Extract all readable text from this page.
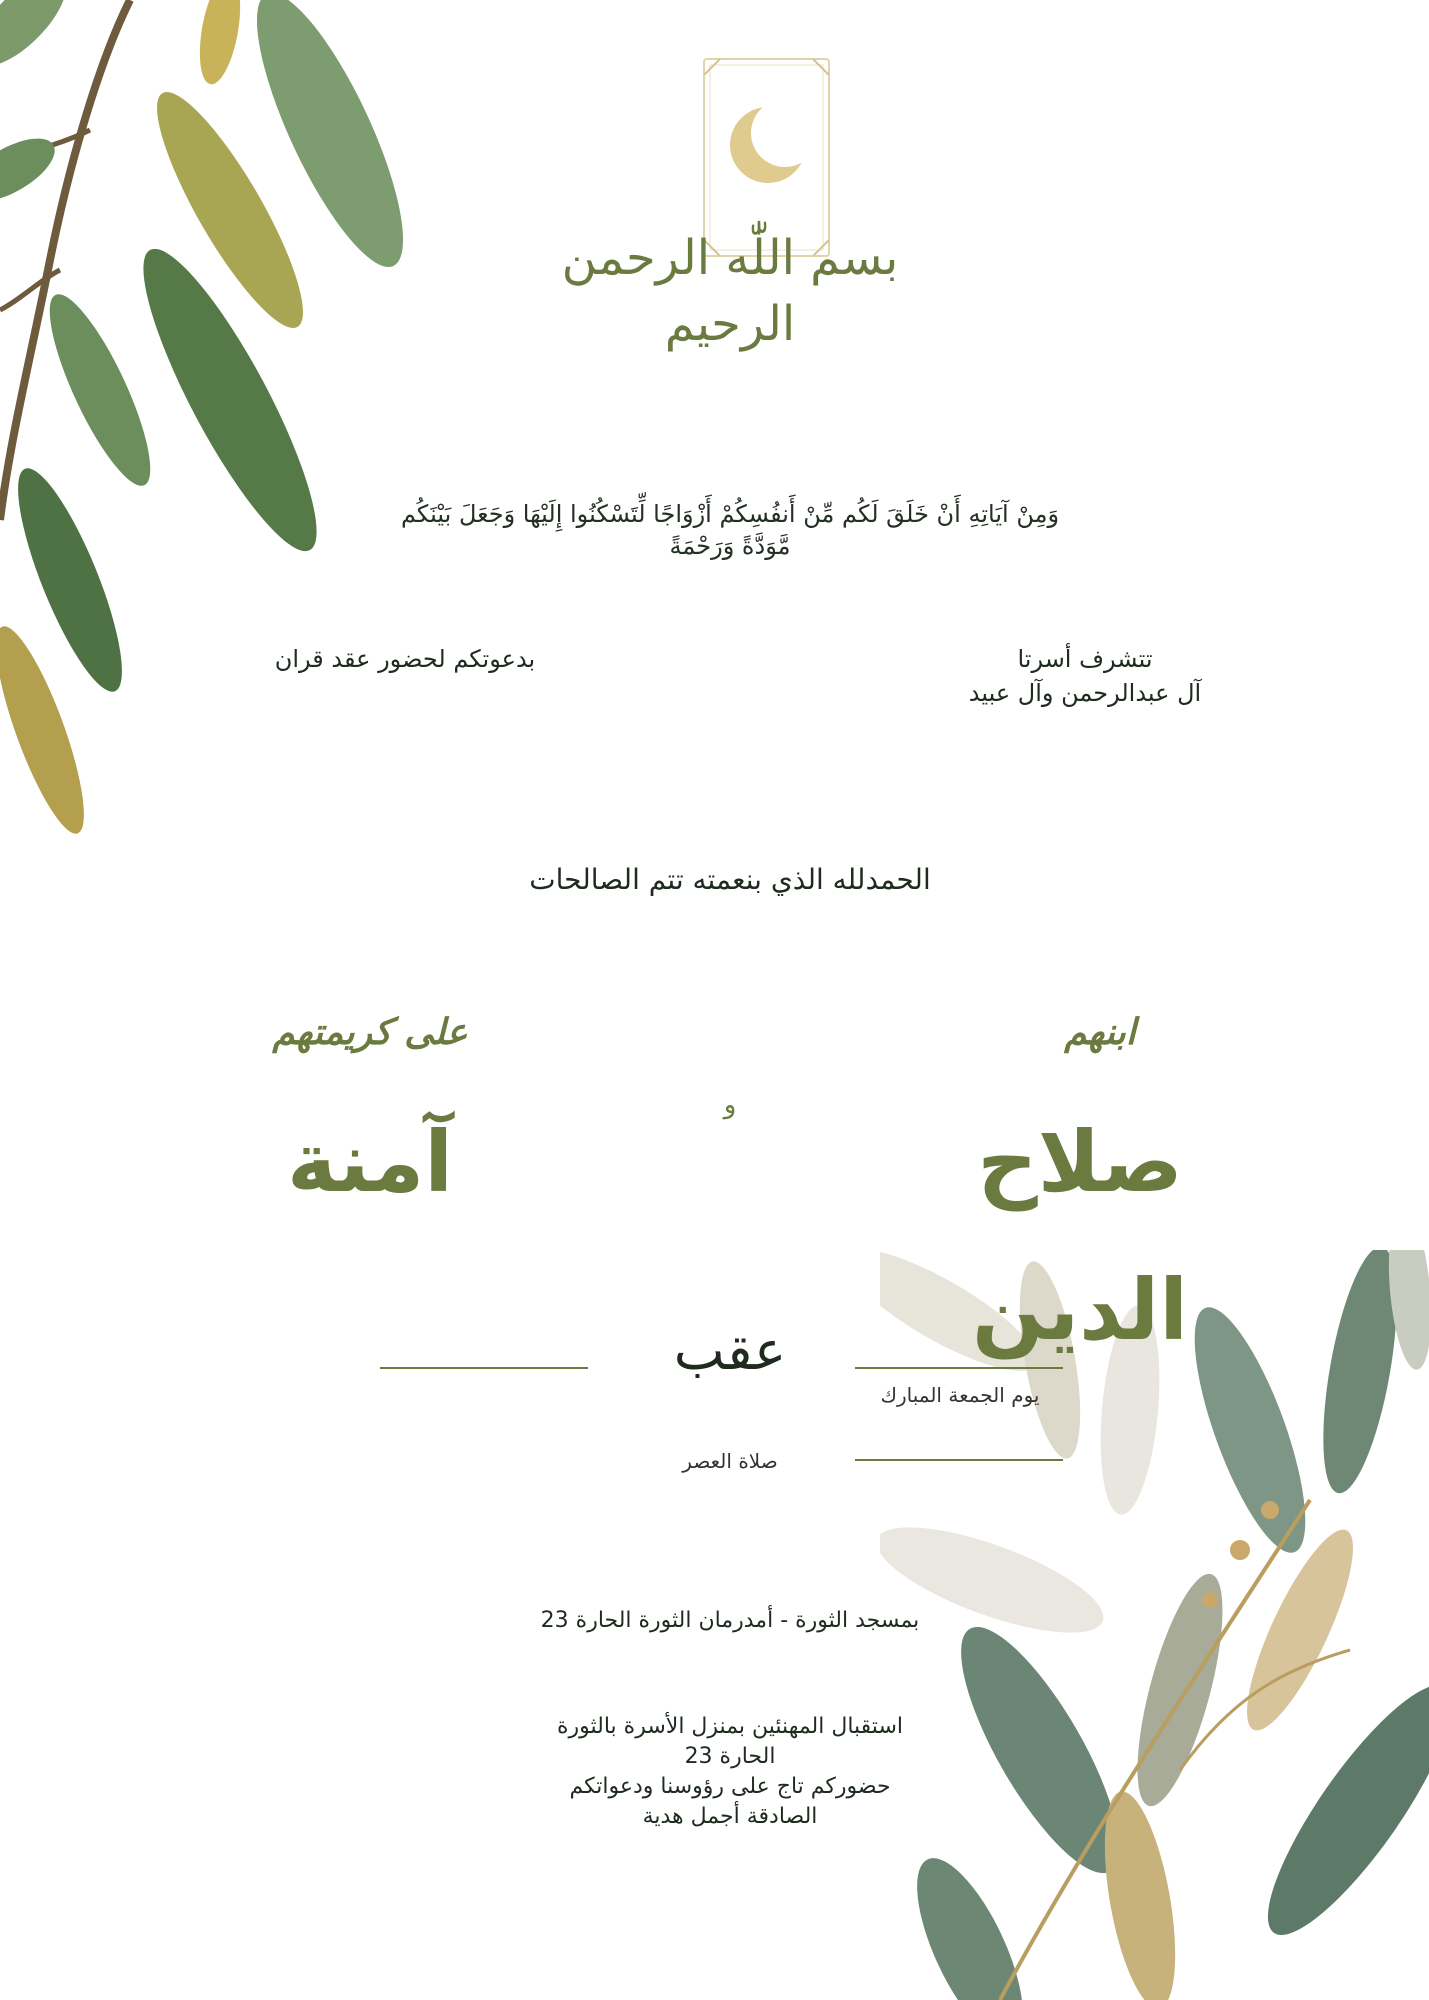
بسم اللّٰه الرحمن الرحيم
وَمِنْ آيَاتِهِ أَنْ خَلَقَ لَكُم مِّنْ أَنفُسِكُمْ أَزْوَاجًا لِّتَسْكُنُوا إِلَيْهَا وَجَعَلَ بَيْنَكُم مَّوَدَّةً وَرَحْمَةً
تتشرف أسرتا
آل عبدالرحمن وآل عبيد
بدعوتكم لحضور عقد قران
الحمدلله الذي بنعمته تتم الصالحات
ابنهم
على كريمتهم
و
صلاح الدين
آمنة
عقب
يوم الجمعة المبارك
صلاة العصر
بمسجد الثورة - أمدرمان الثورة الحارة 23
استقبال المهنئين بمنزل الأسرة بالثورة
الحارة 23
حضوركم تاج على رؤوسنا ودعواتكم
الصادقة أجمل هدية
